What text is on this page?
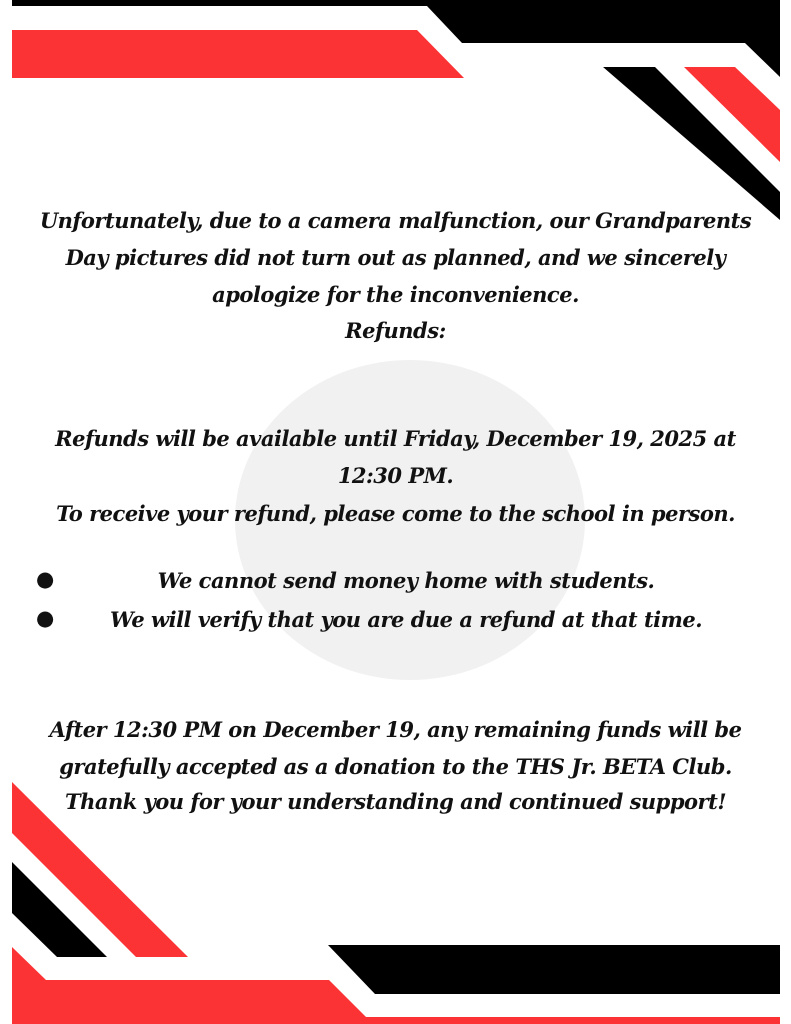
Unfortunately, due to a camera malfunction, our Grandparents
Day pictures did not turn out as planned, and we sincerely
apologize for the inconvenience.
Refunds:
Refunds will be available until Friday, December 19, 2025 at
12:30 PM.
To receive your refund, please come to the school in person.
●	We cannot send money home with students.
●	We will verify that you are due a refund at that time.
After 12:30 PM on December 19, any remaining funds will be
gratefully accepted as a donation to the THS Jr. BETA Club.
Thank you for your understanding and continued support!
